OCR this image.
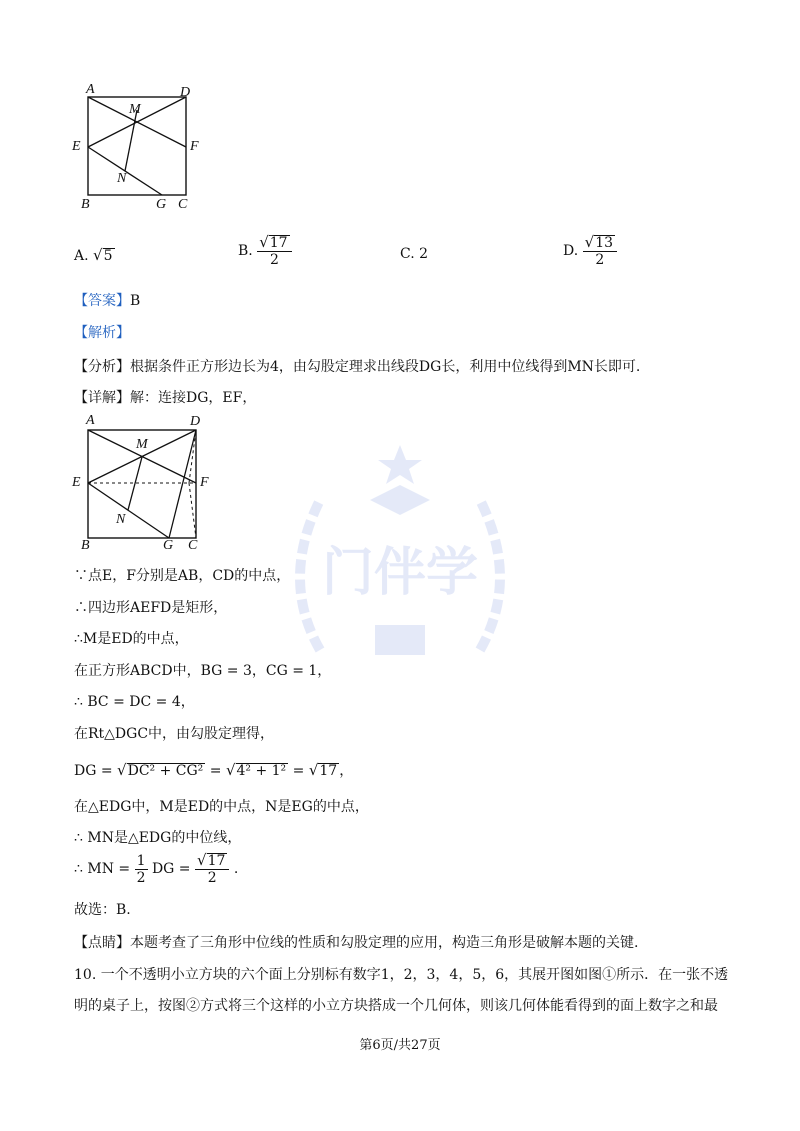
A	D
M
E	F
N
B	G C
A. √5	B. $\frac{√17}{2}$	C. 2	D. $\frac{√13}{2}$
【答案】B
【解析】
【分析】根据条件正方形边长为4，由勾股定理求出线段DG长，利用中位线得到MN长即可.
【详解】解：连接DG，EF，
A	D
M
E	F
N
B	G C 门伴学
∵点E，F分别是AB，CD的中点，
∴四边形AEFD是矩形，
∴M是ED的中点，
在正方形ABCD中，BG = 3，CG = 1，
∴ BC = DC = 4，
在Rt△DGC中，由勾股定理得，
DG = √DC² + CG² = √4² + 1² = √17 ，
在△EDG中，M是ED的中点，N是EG的中点，
∴ MN是△EDG的中位线，
∴ MN = $\frac{1}{2}$ DG = $\frac{√17}{2}$ .
故选：B.
【点睛】本题考查了三角形中位线的性质和勾股定理的应用，构造三角形是破解本题的关键.
10. 一个不透明小立方块的六个面上分别标有数字1，2，3，4，5，6，其展开图如图①所示．在一张不透
明的桌子上，按图②方式将三个这样的小立方块搭成一个几何体，则该几何体能看得到的面上数字之和最
第6页/共27页
